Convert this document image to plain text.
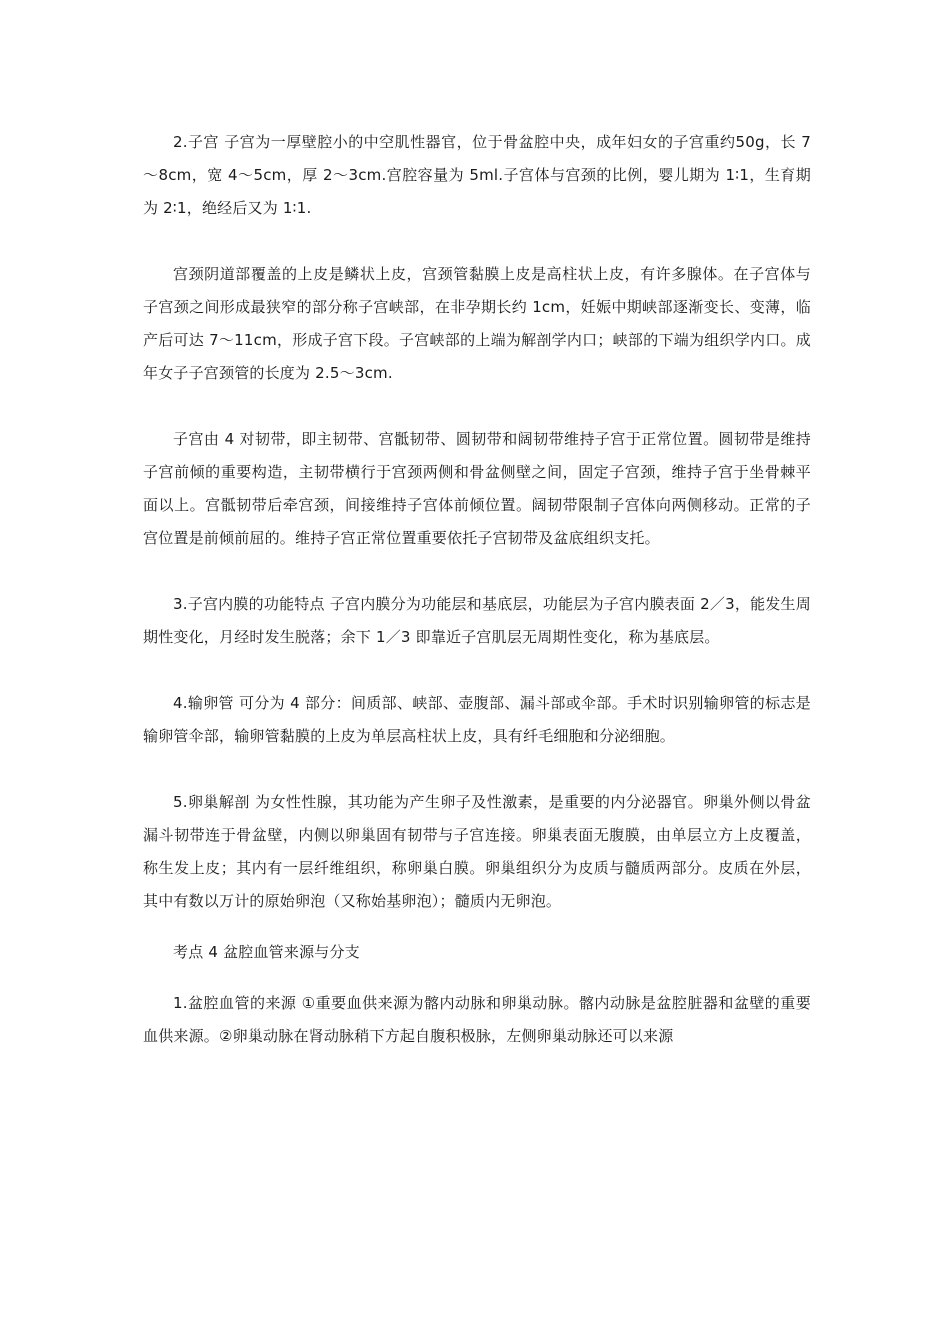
2.子宫 子宫为一厚壁腔小的中空肌性器官，位于骨盆腔中央，成年妇女的子宫重约50g，长 7～8cm，宽 4～5cm，厚 2～3cm.宫腔容量为 5ml.子宫体与宫颈的比例，婴儿期为 1∶1，生育期为 2∶1，绝经后又为 1∶1.

宫颈阴道部覆盖的上皮是鳞状上皮，宫颈管黏膜上皮是高柱状上皮，有许多腺体。在子宫体与子宫颈之间形成最狭窄的部分称子宫峡部，在非孕期长约 1cm，妊娠中期峡部逐渐变长、变薄，临产后可达 7～11cm，形成子宫下段。子宫峡部的上端为解剖学内口；峡部的下端为组织学内口。成年女子子宫颈管的长度为 2.5～3cm.

子宫由 4 对韧带，即主韧带、宫骶韧带、圆韧带和阔韧带维持子宫于正常位置。圆韧带是维持子宫前倾的重要构造，主韧带横行于宫颈两侧和骨盆侧壁之间，固定子宫颈，维持子宫于坐骨棘平面以上。宫骶韧带后牵宫颈，间接维持子宫体前倾位置。阔韧带限制子宫体向两侧移动。正常的子宫位置是前倾前屈的。维持子宫正常位置重要依托子宫韧带及盆底组织支托。

3.子宫内膜的功能特点 子宫内膜分为功能层和基底层，功能层为子宫内膜表面 2／3，能发生周期性变化，月经时发生脱落；余下 1／3 即靠近子宫肌层无周期性变化，称为基底层。

4.输卵管 可分为 4 部分：间质部、峡部、壶腹部、漏斗部或伞部。手术时识别输卵管的标志是输卵管伞部，输卵管黏膜的上皮为单层高柱状上皮，具有纤毛细胞和分泌细胞。

5.卵巢解剖 为女性性腺，其功能为产生卵子及性激素，是重要的内分泌器官。卵巢外侧以骨盆漏斗韧带连于骨盆壁，内侧以卵巢固有韧带与子宫连接。卵巢表面无腹膜，由单层立方上皮覆盖，称生发上皮；其内有一层纤维组织，称卵巢白膜。卵巢组织分为皮质与髓质两部分。皮质在外层，其中有数以万计的原始卵泡（又称始基卵泡）；髓质内无卵泡。

考点 4 盆腔血管来源与分支

1.盆腔血管的来源 ①重要血供来源为髂内动脉和卵巢动脉。髂内动脉是盆腔脏器和盆壁的重要血供来源。②卵巢动脉在肾动脉稍下方起自腹积极脉，左侧卵巢动脉还可以来源
